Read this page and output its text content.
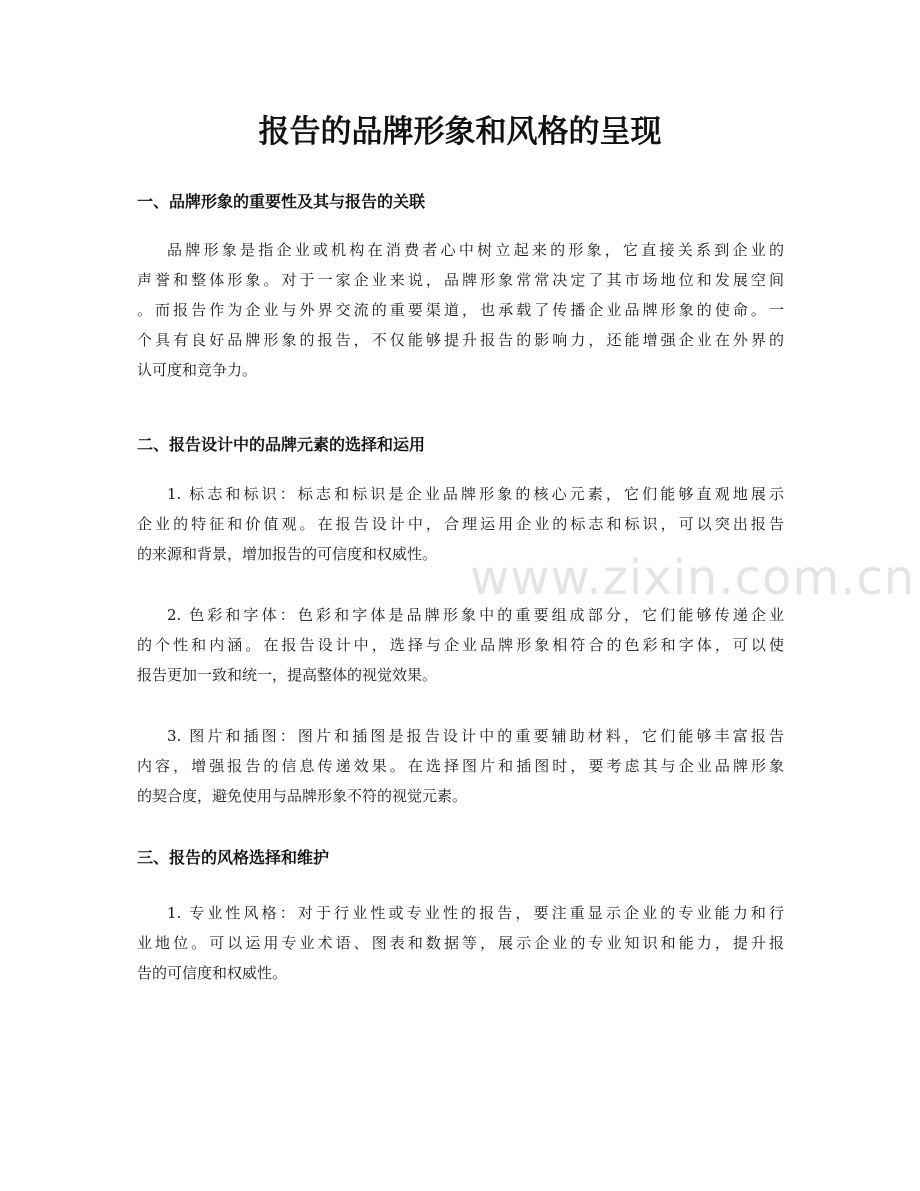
报告的品牌形象和风格的呈现
一、品牌形象的重要性及其与报告的关联
品牌形象是指企业或机构在消费者心中树立起来的形象，它直接关系到企业的
声誉和整体形象。对于一家企业来说，品牌形象常常决定了其市场地位和发展空间
。而报告作为企业与外界交流的重要渠道，也承载了传播企业品牌形象的使命。一
个具有良好品牌形象的报告，不仅能够提升报告的影响力，还能增强企业在外界的
认可度和竞争力。
二、报告设计中的品牌元素的选择和运用
1. 标志和标识：标志和标识是企业品牌形象的核心元素，它们能够直观地展示
企业的特征和价值观。在报告设计中，合理运用企业的标志和标识，可以突出报告
的来源和背景，增加报告的可信度和权威性。
2. 色彩和字体：色彩和字体是品牌形象中的重要组成部分，它们能够传递企业
的个性和内涵。在报告设计中，选择与企业品牌形象相符合的色彩和字体，可以使
报告更加一致和统一，提高整体的视觉效果。
3. 图片和插图：图片和插图是报告设计中的重要辅助材料，它们能够丰富报告
内容，增强报告的信息传递效果。在选择图片和插图时，要考虑其与企业品牌形象
的契合度，避免使用与品牌形象不符的视觉元素。
三、报告的风格选择和维护
1. 专业性风格：对于行业性或专业性的报告，要注重显示企业的专业能力和行
业地位。可以运用专业术语、图表和数据等，展示企业的专业知识和能力，提升报
告的可信度和权威性。
www.zixin.com.cn
